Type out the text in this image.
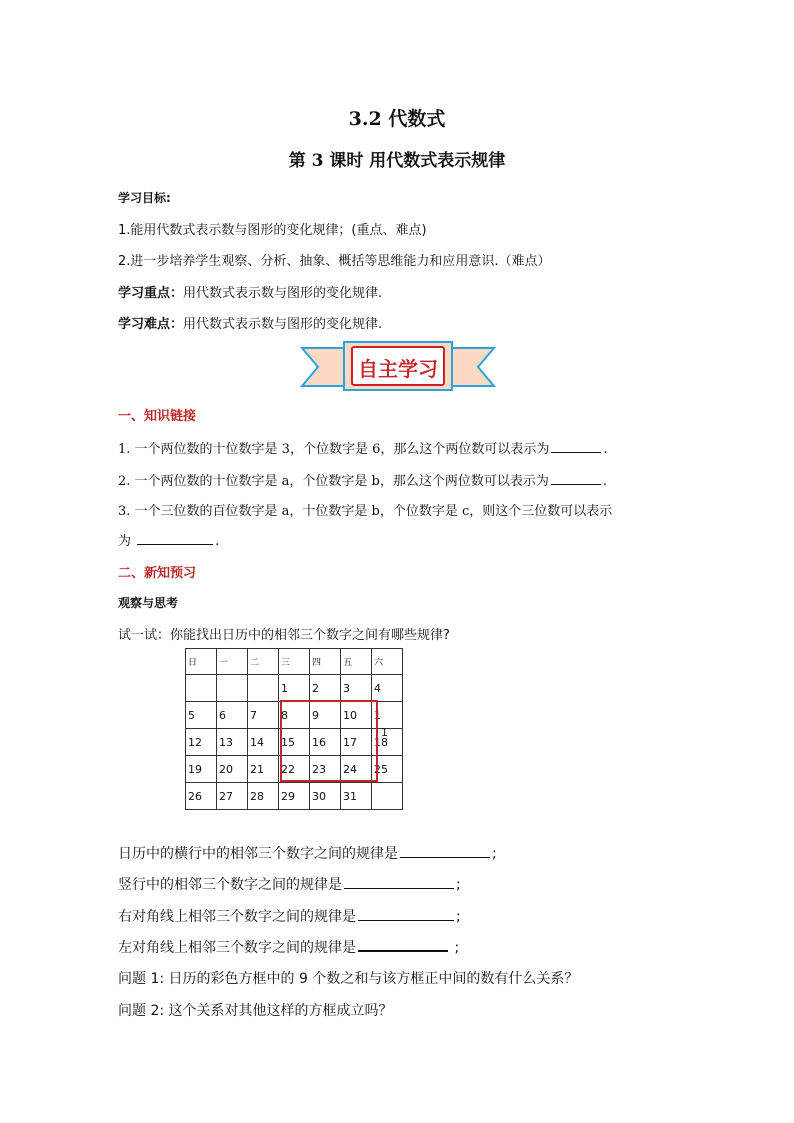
3.2 代数式
第 3 课时 用代数式表示规律
学习目标:
1.能用代数式表示数与图形的变化规律；(重点、难点)
2.进一步培养学生观察、分析、抽象、概括等思维能力和应用意识.（难点）
学习重点：用代数式表示数与图形的变化规律.
学习难点：用代数式表示数与图形的变化规律.
自主学习
一、知识链接
1. 一个两位数的十位数字是 3，个位数字是 6，那么这个两位数可以表示为	.
2. 一个两位数的十位数字是 a，个位数字是 b，那么这个两位数可以表示为	.
3. 一个三位数的百位数字是 a，十位数字是 b，个位数字是 c，则这个三位数可以表示
为	.
二、新知预习
观察与思考
试一试：你能找出日历中的相邻三个数字之间有哪些规律?
日	一	二	三	四	五	六
			1	2	3	4
5	6	7	8	9	10	1
12	13	14	15	16	17	18
19	20	21	22	23	24	25
26	27	28	29	30	31	
1
日历中的横行中的相邻三个数字之间的规律是	;
竖行中的相邻三个数字之间的规律是	;
右对角线上相邻三个数字之间的规律是	;
左对角线上相邻三个数字之间的规律是	;
问题 1: 日历的彩色方框中的 9 个数之和与该方框正中间的数有什么关系？
问题 2: 这个关系对其他这样的方框成立吗？
